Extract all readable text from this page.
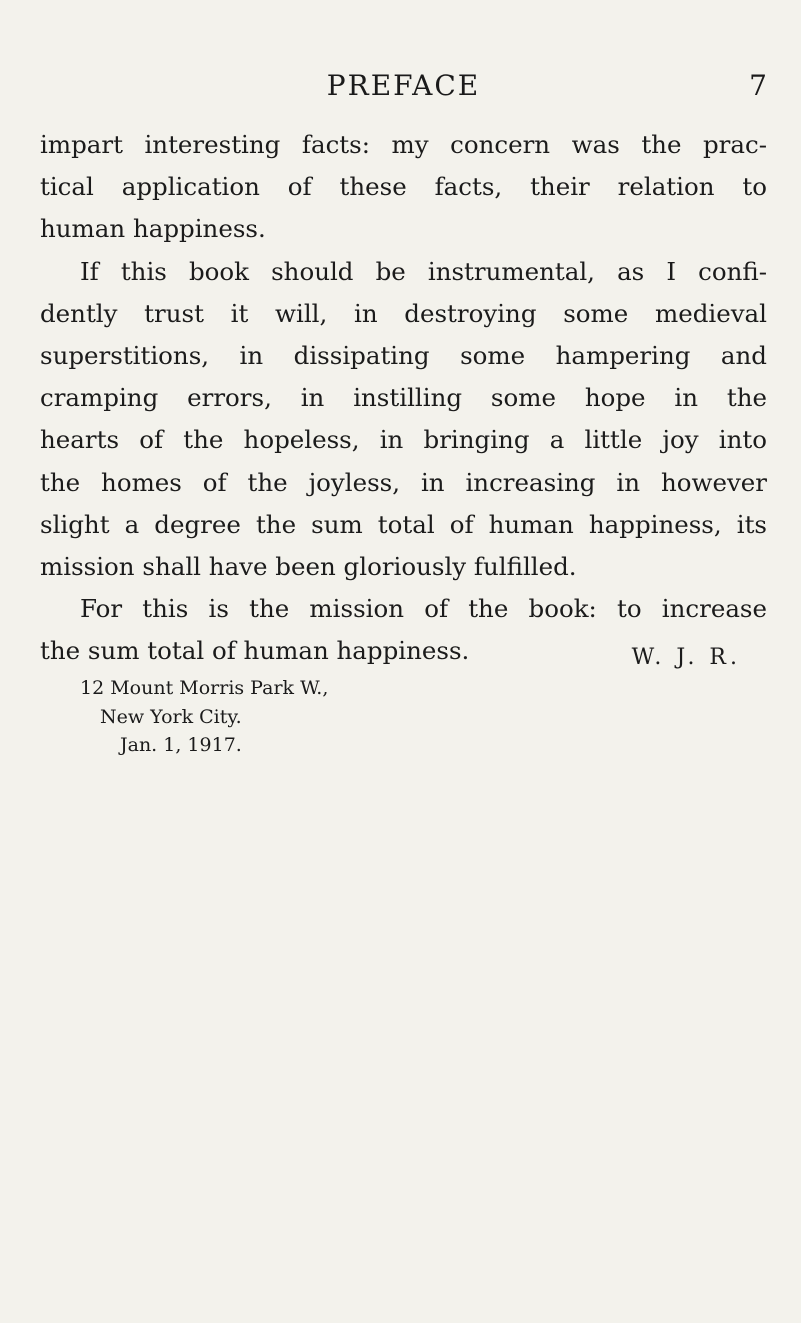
PREFACE	7
impart interesting facts: my concern was the prac-
tical application of these facts, their relation to
human happiness.
If this book should be instrumental, as I confi-
dently trust it will, in destroying some medieval
superstitions, in dissipating some hampering and
cramping errors, in instilling some hope in the
hearts of the hopeless, in bringing a little joy into
the homes of the joyless, in increasing in however
slight a degree the sum total of human happiness, its
mission shall have been gloriously fulfilled.
For this is the mission of the book: to increase
the sum total of human happiness.	W. J. R.
12 Mount Morris Park W.,
New York City.
Jan. 1, 1917.
